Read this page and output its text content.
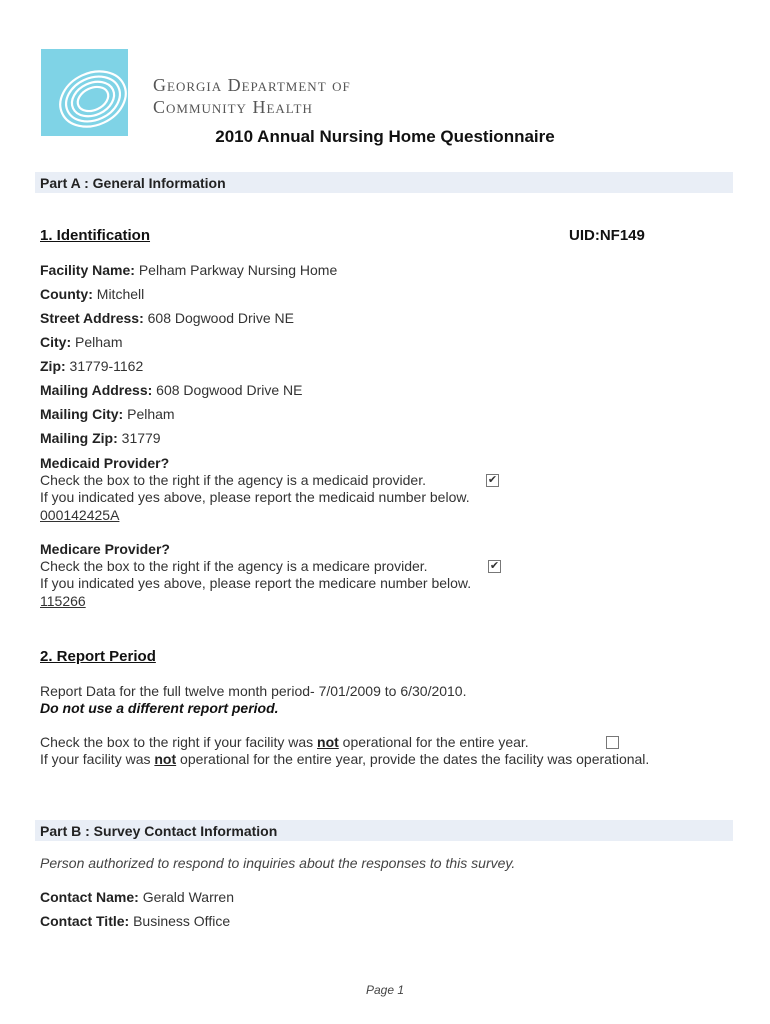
Georgia Department of
Community Health
2010 Annual Nursing Home Questionnaire
Part A : General Information
1. Identification	UID:NF149
Facility Name: Pelham Parkway Nursing Home
County: Mitchell
Street Address: 608 Dogwood Drive NE
City: Pelham
Zip: 31779-1162
Mailing Address: 608 Dogwood Drive NE
Mailing City: Pelham
Mailing Zip: 31779
Medicaid Provider?
Check the box to the right if the agency is a medicaid provider.	✔
If you indicated yes above, please report the medicaid number below.
000142425A
Medicare Provider?
Check the box to the right if the agency is a medicare provider.	✔
If you indicated yes above, please report the medicare number below.
115266
2. Report Period
Report Data for the full twelve month period- 7/01/2009 to 6/30/2010.
Do not use a different report period.
Check the box to the right if your facility was not operational for the entire year.
If your facility was not operational for the entire year, provide the dates the facility was operational.
Part B : Survey Contact Information
Person authorized to respond to inquiries about the responses to this survey.
Contact Name: Gerald Warren
Contact Title: Business Office
Page 1
